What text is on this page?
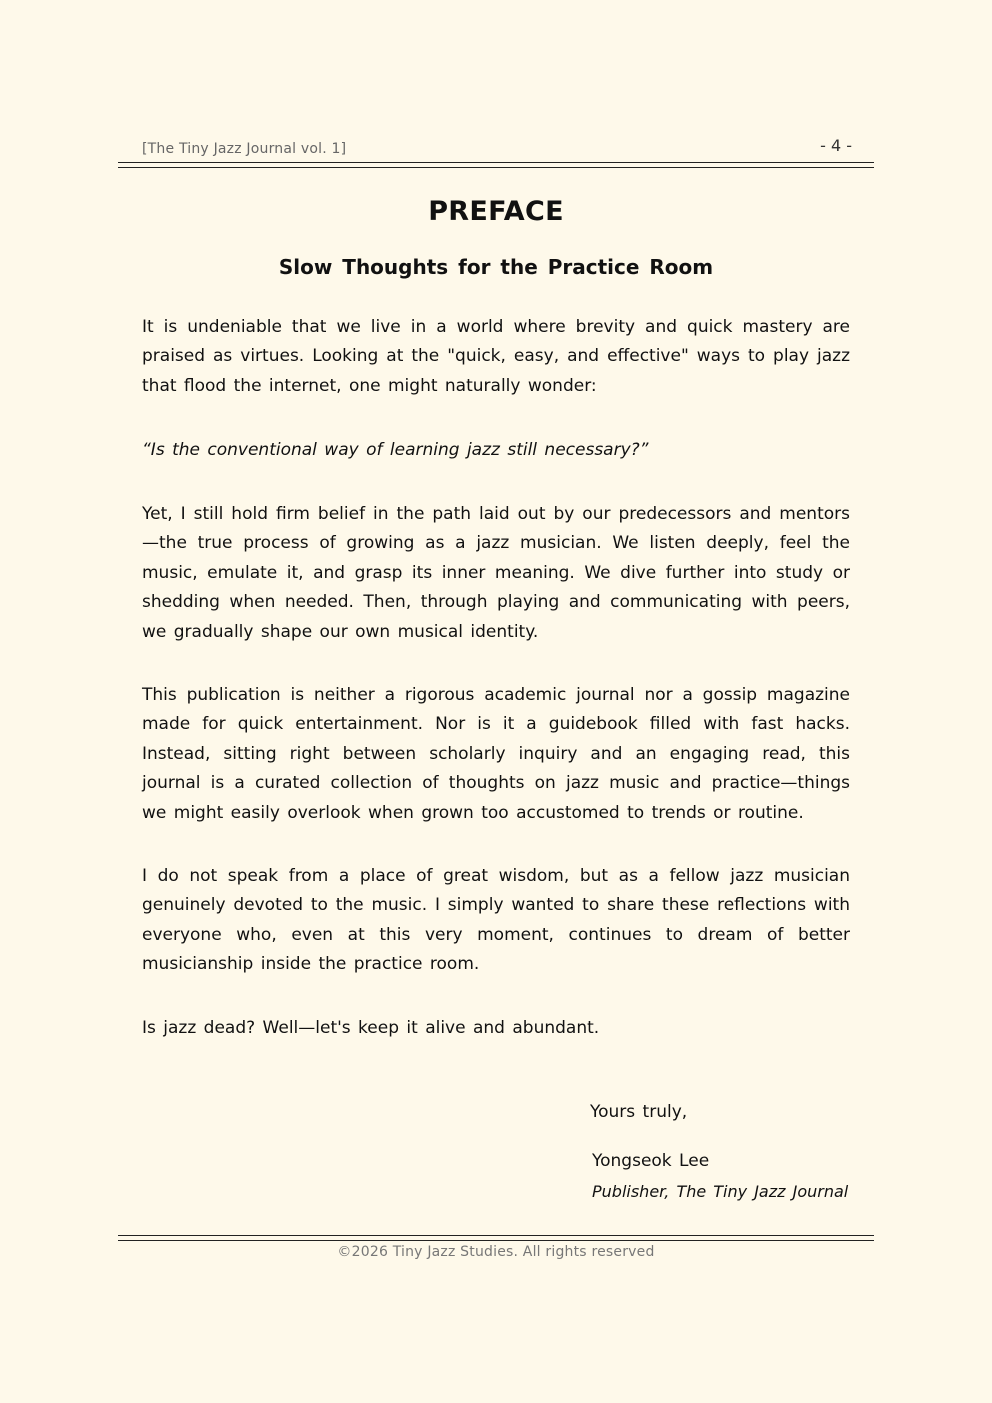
[The Tiny Jazz Journal vol. 1]	- 4 -
PREFACE
Slow Thoughts for the Practice Room

It is undeniable that we live in a world where brevity and quick mastery are praised as virtues. Looking at the "quick, easy, and effective" ways to play jazz that flood the internet, one might naturally wonder:

“Is the conventional way of learning jazz still necessary?”

Yet, I still hold firm belief in the path laid out by our predecessors and mentors—the true process of growing as a jazz musician. We listen deeply, feel the music, emulate it, and grasp its inner meaning. We dive further into study or shedding when needed. Then, through playing and communicating with peers, we gradually shape our own musical identity.

This publication is neither a rigorous academic journal nor a gossip magazine made for quick entertainment. Nor is it a guidebook filled with fast hacks. Instead, sitting right between scholarly inquiry and an engaging read, this journal is a curated collection of thoughts on jazz music and practice—things we might easily overlook when grown too accustomed to trends or routine.

I do not speak from a place of great wisdom, but as a fellow jazz musician genuinely devoted to the music. I simply wanted to share these reflections with everyone who, even at this very moment, continues to dream of better musicianship inside the practice room.

Is jazz dead? Well—let's keep it alive and abundant.

Yours truly,
Yongseok Lee
Publisher, The Tiny Jazz Journal
©2026 Tiny Jazz Studies. All rights reserved
